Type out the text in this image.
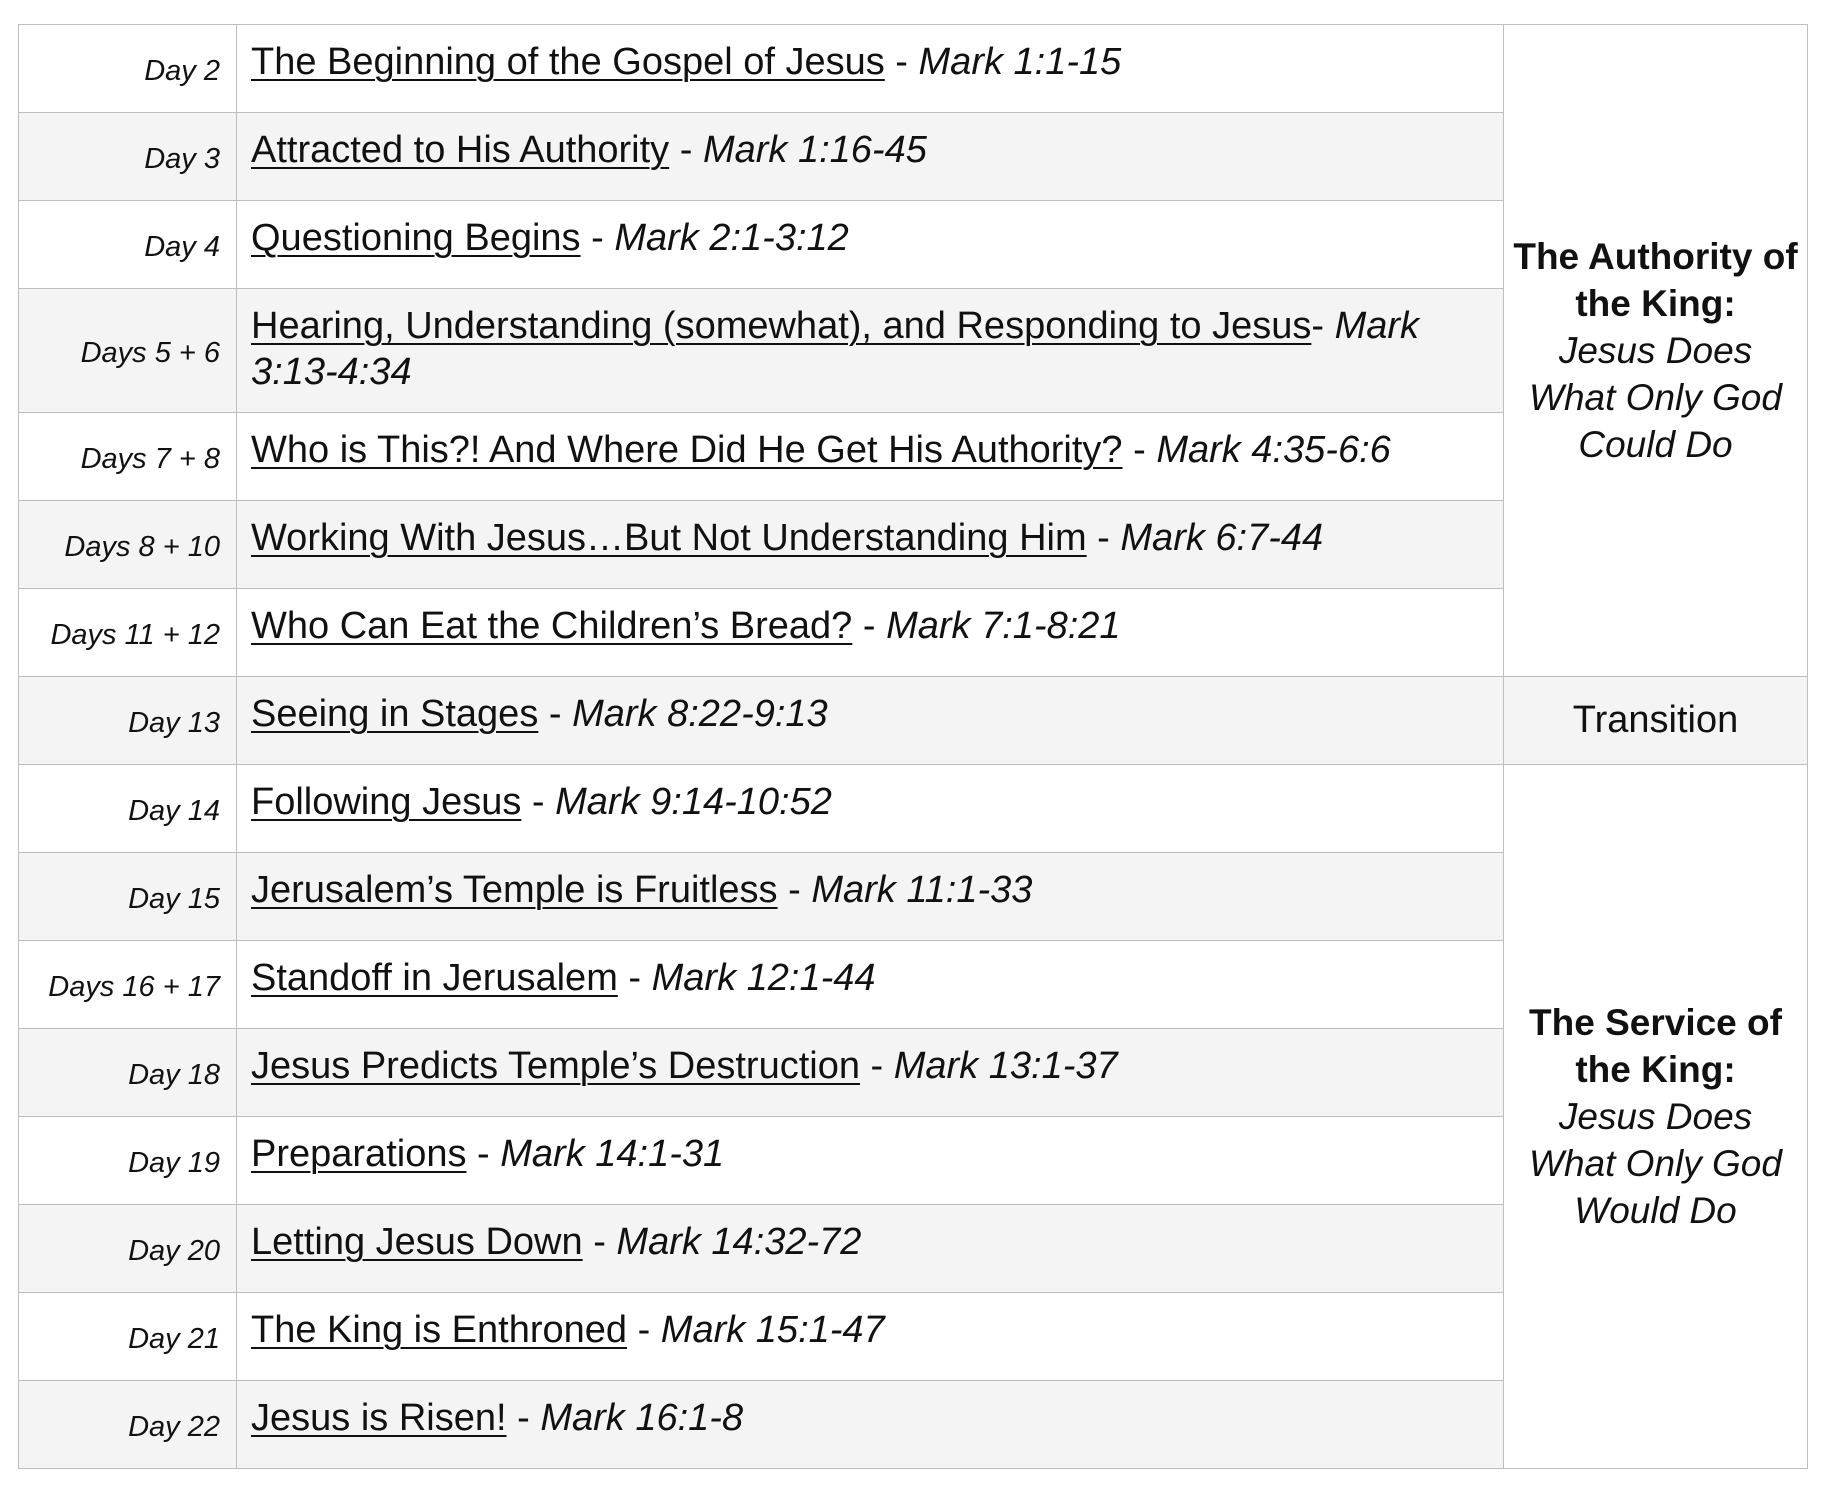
Day 2	The Beginning of the Gospel of Jesus - Mark 1:1-15	The Authority of the King:
Jesus Does What Only God Could Do

Day 3	Attracted to His Authority - Mark 1:16-45	
Day 4	Questioning Begins - Mark 2:1-3:12	
Days 5 + 6	Hearing, Understanding (somewhat), and Responding to Jesus- Mark 3:13-4:34	
Days 7 + 8	Who is This?! And Where Did He Get His Authority? - Mark 4:35-6:6	
Days 8 + 10	Working With Jesus…But Not Understanding Him - Mark 6:7-44	
Days 11 + 12	Who Can Eat the Children’s Bread? - Mark 7:1-8:21	
Day 13	Seeing in Stages - Mark 8:22-9:13	Transition
Day 14	Following Jesus - Mark 9:14-10:52	The Service of the King:
Jesus Does What Only God Would Do

Day 15	Jerusalem’s Temple is Fruitless - Mark 11:1-33	
Days 16 + 17	Standoff in Jerusalem - Mark 12:1-44	
Day 18	Jesus Predicts Temple’s Destruction - Mark 13:1-37	
Day 19	Preparations - Mark 14:1-31	
Day 20	Letting Jesus Down - Mark 14:32-72	
Day 21	The King is Enthroned - Mark 15:1-47	
Day 22	Jesus is Risen! - Mark 16:1-8	
